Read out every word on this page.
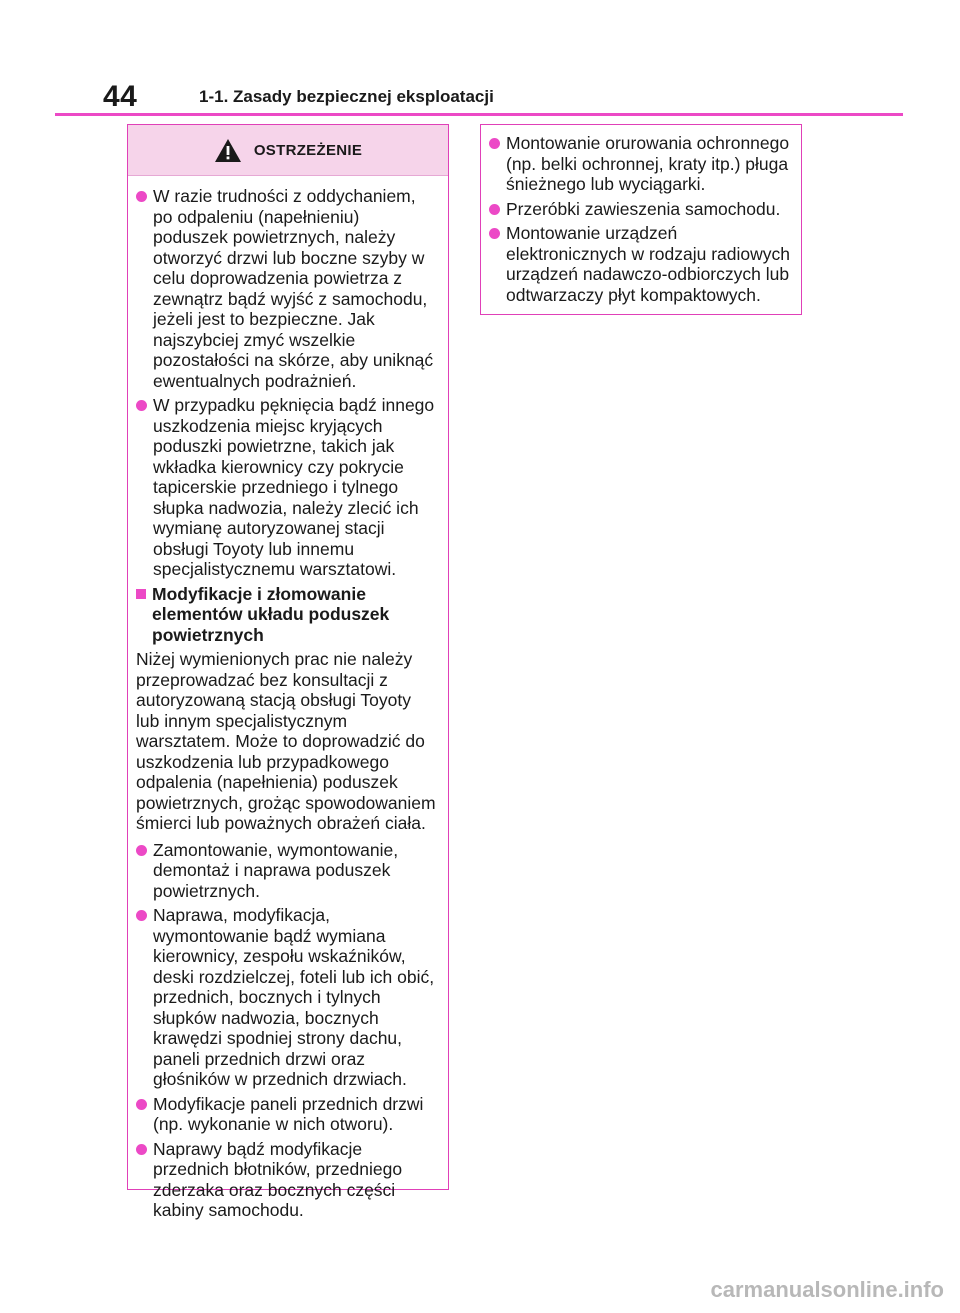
44	1-1. Zasady bezpiecznej eksploatacji
OSTRZEŻENIE
W razie trudności z oddychaniem, po odpaleniu (napełnieniu) poduszek powietrznych, należy otworzyć drzwi lub boczne szyby w celu doprowadzenia powietrza z zewnątrz bądź wyjść z samochodu, jeżeli jest to bezpieczne. Jak najszybciej zmyć wszelkie pozostałości na skórze, aby uniknąć ewentualnych podrażnień.
W przypadku pęknięcia bądź innego uszkodzenia miejsc kryjących poduszki powietrzne, takich jak wkładka kierownicy czy pokrycie tapicerskie przedniego i tylnego słupka nadwozia, należy zlecić ich wymianę autoryzowanej stacji obsługi Toyoty lub innemu specjalistycznemu warsztatowi.
Modyfikacje i złomowanie elementów układu poduszek powietrznych
Niżej wymienionych prac nie należy przeprowadzać bez konsultacji z autoryzowaną stacją obsługi Toyoty lub innym specjalistycznym warsztatem. Może to doprowadzić do uszkodzenia lub przypadkowego odpalenia (napełnienia) poduszek powietrznych, grożąc spowodowaniem śmierci lub poważnych obrażeń ciała.
Zamontowanie, wymontowanie, demontaż i naprawa poduszek powietrznych.
Naprawa, modyfikacja, wymontowanie bądź wymiana kierownicy, zespołu wskaźników, deski rozdzielczej, foteli lub ich obić, przednich, bocznych i tylnych słupków nadwozia, bocznych krawędzi spodniej strony dachu, paneli przednich drzwi oraz głośników w przednich drzwiach.
Modyfikacje paneli przednich drzwi (np. wykonanie w nich otworu).
Naprawy bądź modyfikacje przednich błotników, przedniego zderzaka oraz bocznych części kabiny samochodu.
Montowanie orurowania ochronnego (np. belki ochronnej, kraty itp.) pługa śnieżnego lub wyciągarki.
Przeróbki zawieszenia samochodu.
Montowanie urządzeń elektronicznych w rodzaju radiowych urządzeń nadawczo-odbiorczych lub odtwarzaczy płyt kompaktowych.
carmanualsonline.info
